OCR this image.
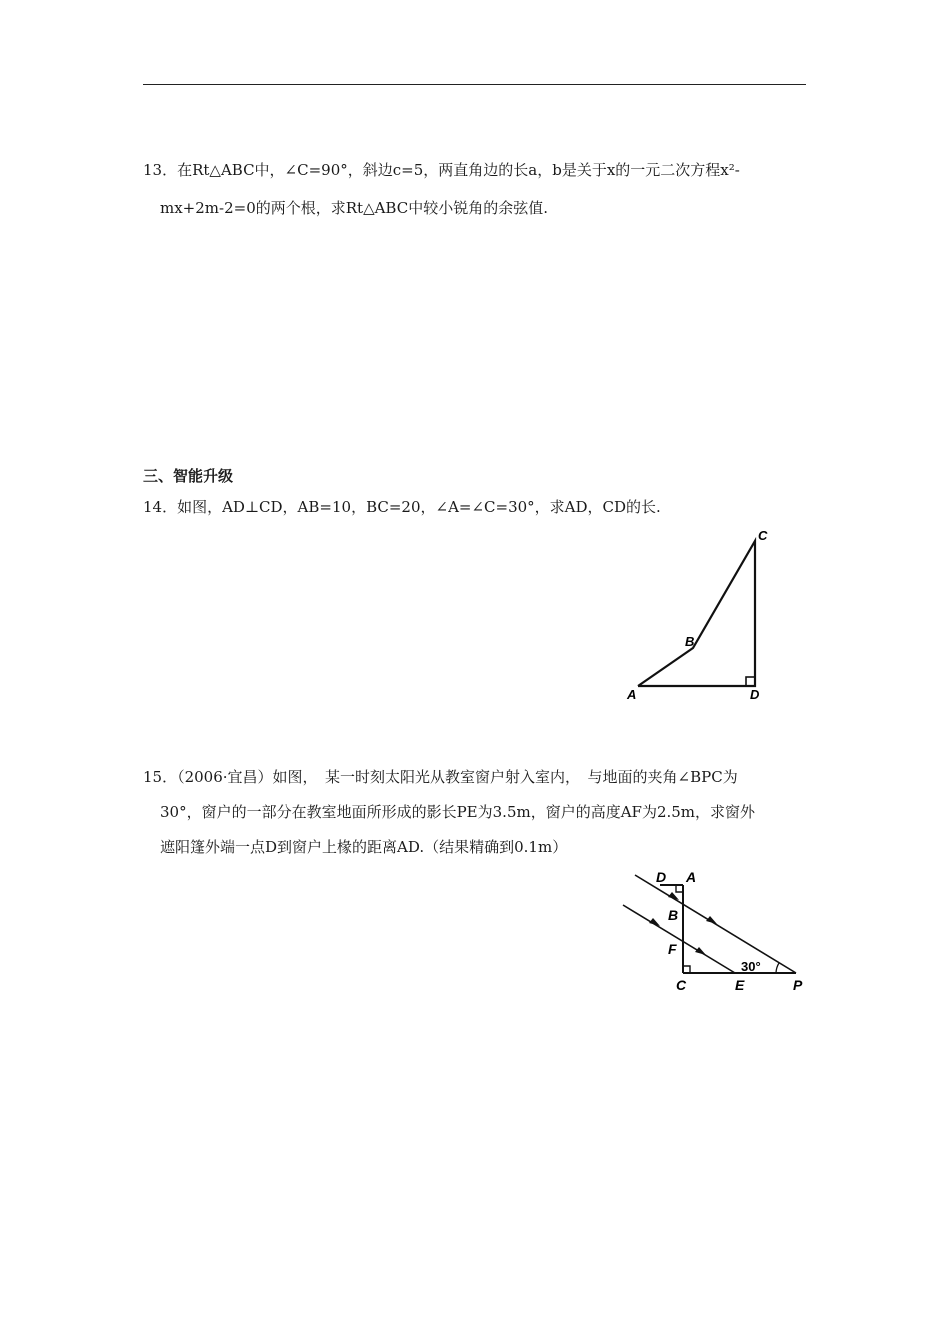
13．在Rt△ABC中，∠C=90°，斜边c=5，两直角边的长a，b是关于x的一元二次方程x²-
mx+2m-2=0的两个根，求Rt△ABC中较小锐角的余弦值.
三、智能升级
14．如图，AD⊥CD，AB=10，BC=20，∠A=∠C=30°，求AD，CD的长.
C
B
A	D
15．（2006·宜昌）如图，　某一时刻太阳光从教室窗户射入室内，　与地面的夹角∠BPC为
30°，窗户的一部分在教室地面所形成的影长PE为3.5m，窗户的高度AF为2.5m，求窗外
遮阳篷外端一点D到窗户上椽的距离AD.（结果精确到0.1m）
D A
B
F
C	E	P
30°
